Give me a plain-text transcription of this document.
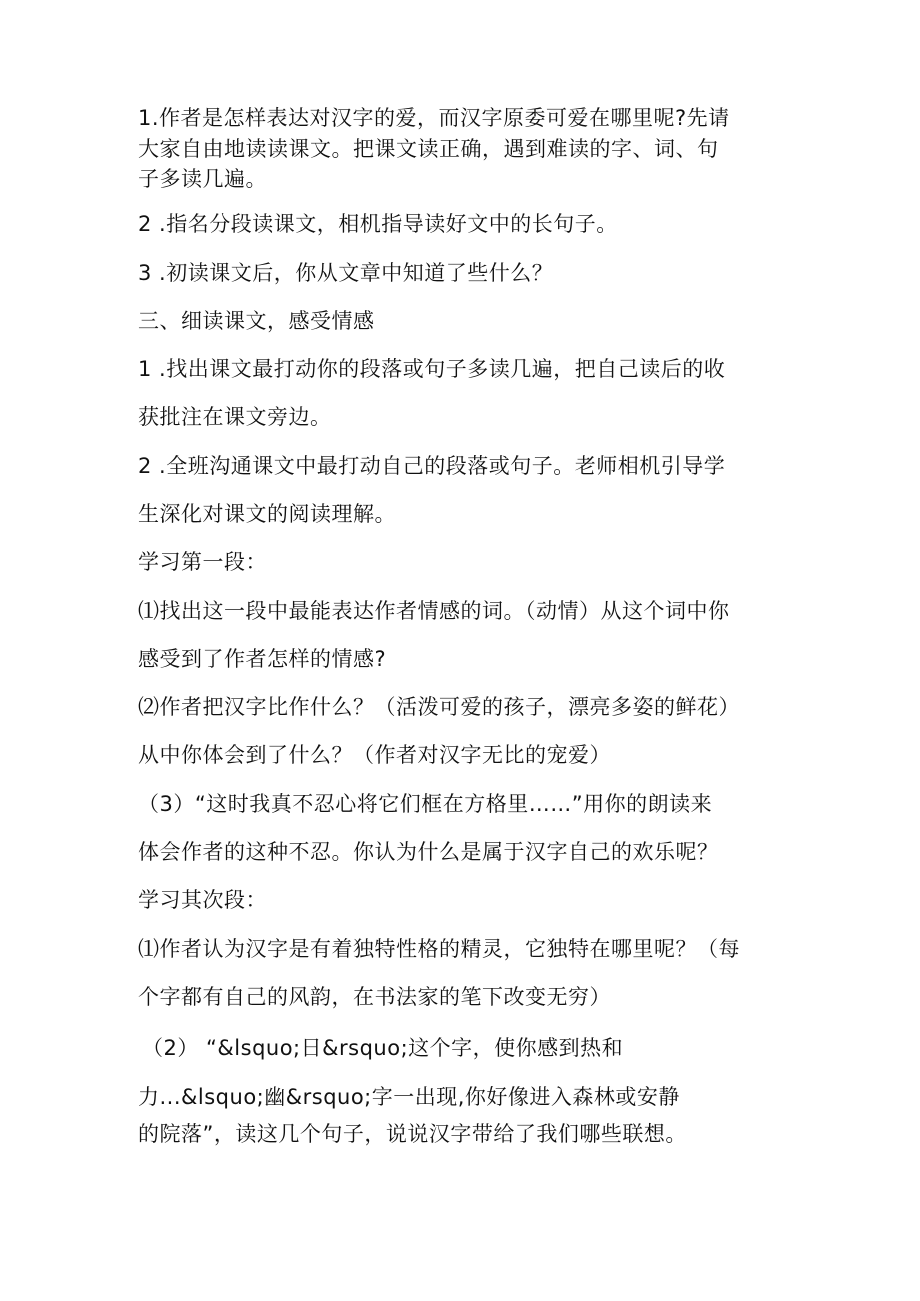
1.作者是怎样表达对汉字的爱，而汉字原委可爱在哪里呢?先请
大家自由地读读课文。把课文读正确，遇到难读的字、词、句
子多读几遍。
2 .指名分段读课文，相机指导读好文中的长句子。
3 .初读课文后，你从文章中知道了些什么？
三、细读课文，感受情感
1 .找出课文最打动你的段落或句子多读几遍，把自己读后的收
获批注在课文旁边。
2 .全班沟通课文中最打动自己的段落或句子。老师相机引导学
生深化对课文的阅读理解。
学习第一段：
⑴找出这一段中最能表达作者情感的词。（动情）从这个词中你
感受到了作者怎样的情感?
⑵作者把汉字比作什么？（活泼可爱的孩子，漂亮多姿的鲜花）
从中你体会到了什么？（作者对汉字无比的宠爱）
（3）“这时我真不忍心将它们框在方格里……”用你的朗读来
体会作者的这种不忍。你认为什么是属于汉字自己的欢乐呢？
学习其次段：
⑴作者认为汉字是有着独特性格的精灵，它独特在哪里呢？（每
个字都有自己的风韵，在书法家的笔下改变无穷）
（2） “&lsquo;日&rsquo;这个字，使你感到热和
力...&lsquo;幽&rsquo;字一出现,你好像进入森林或安静
的院落”，读这几个句子，说说汉字带给了我们哪些联想。
